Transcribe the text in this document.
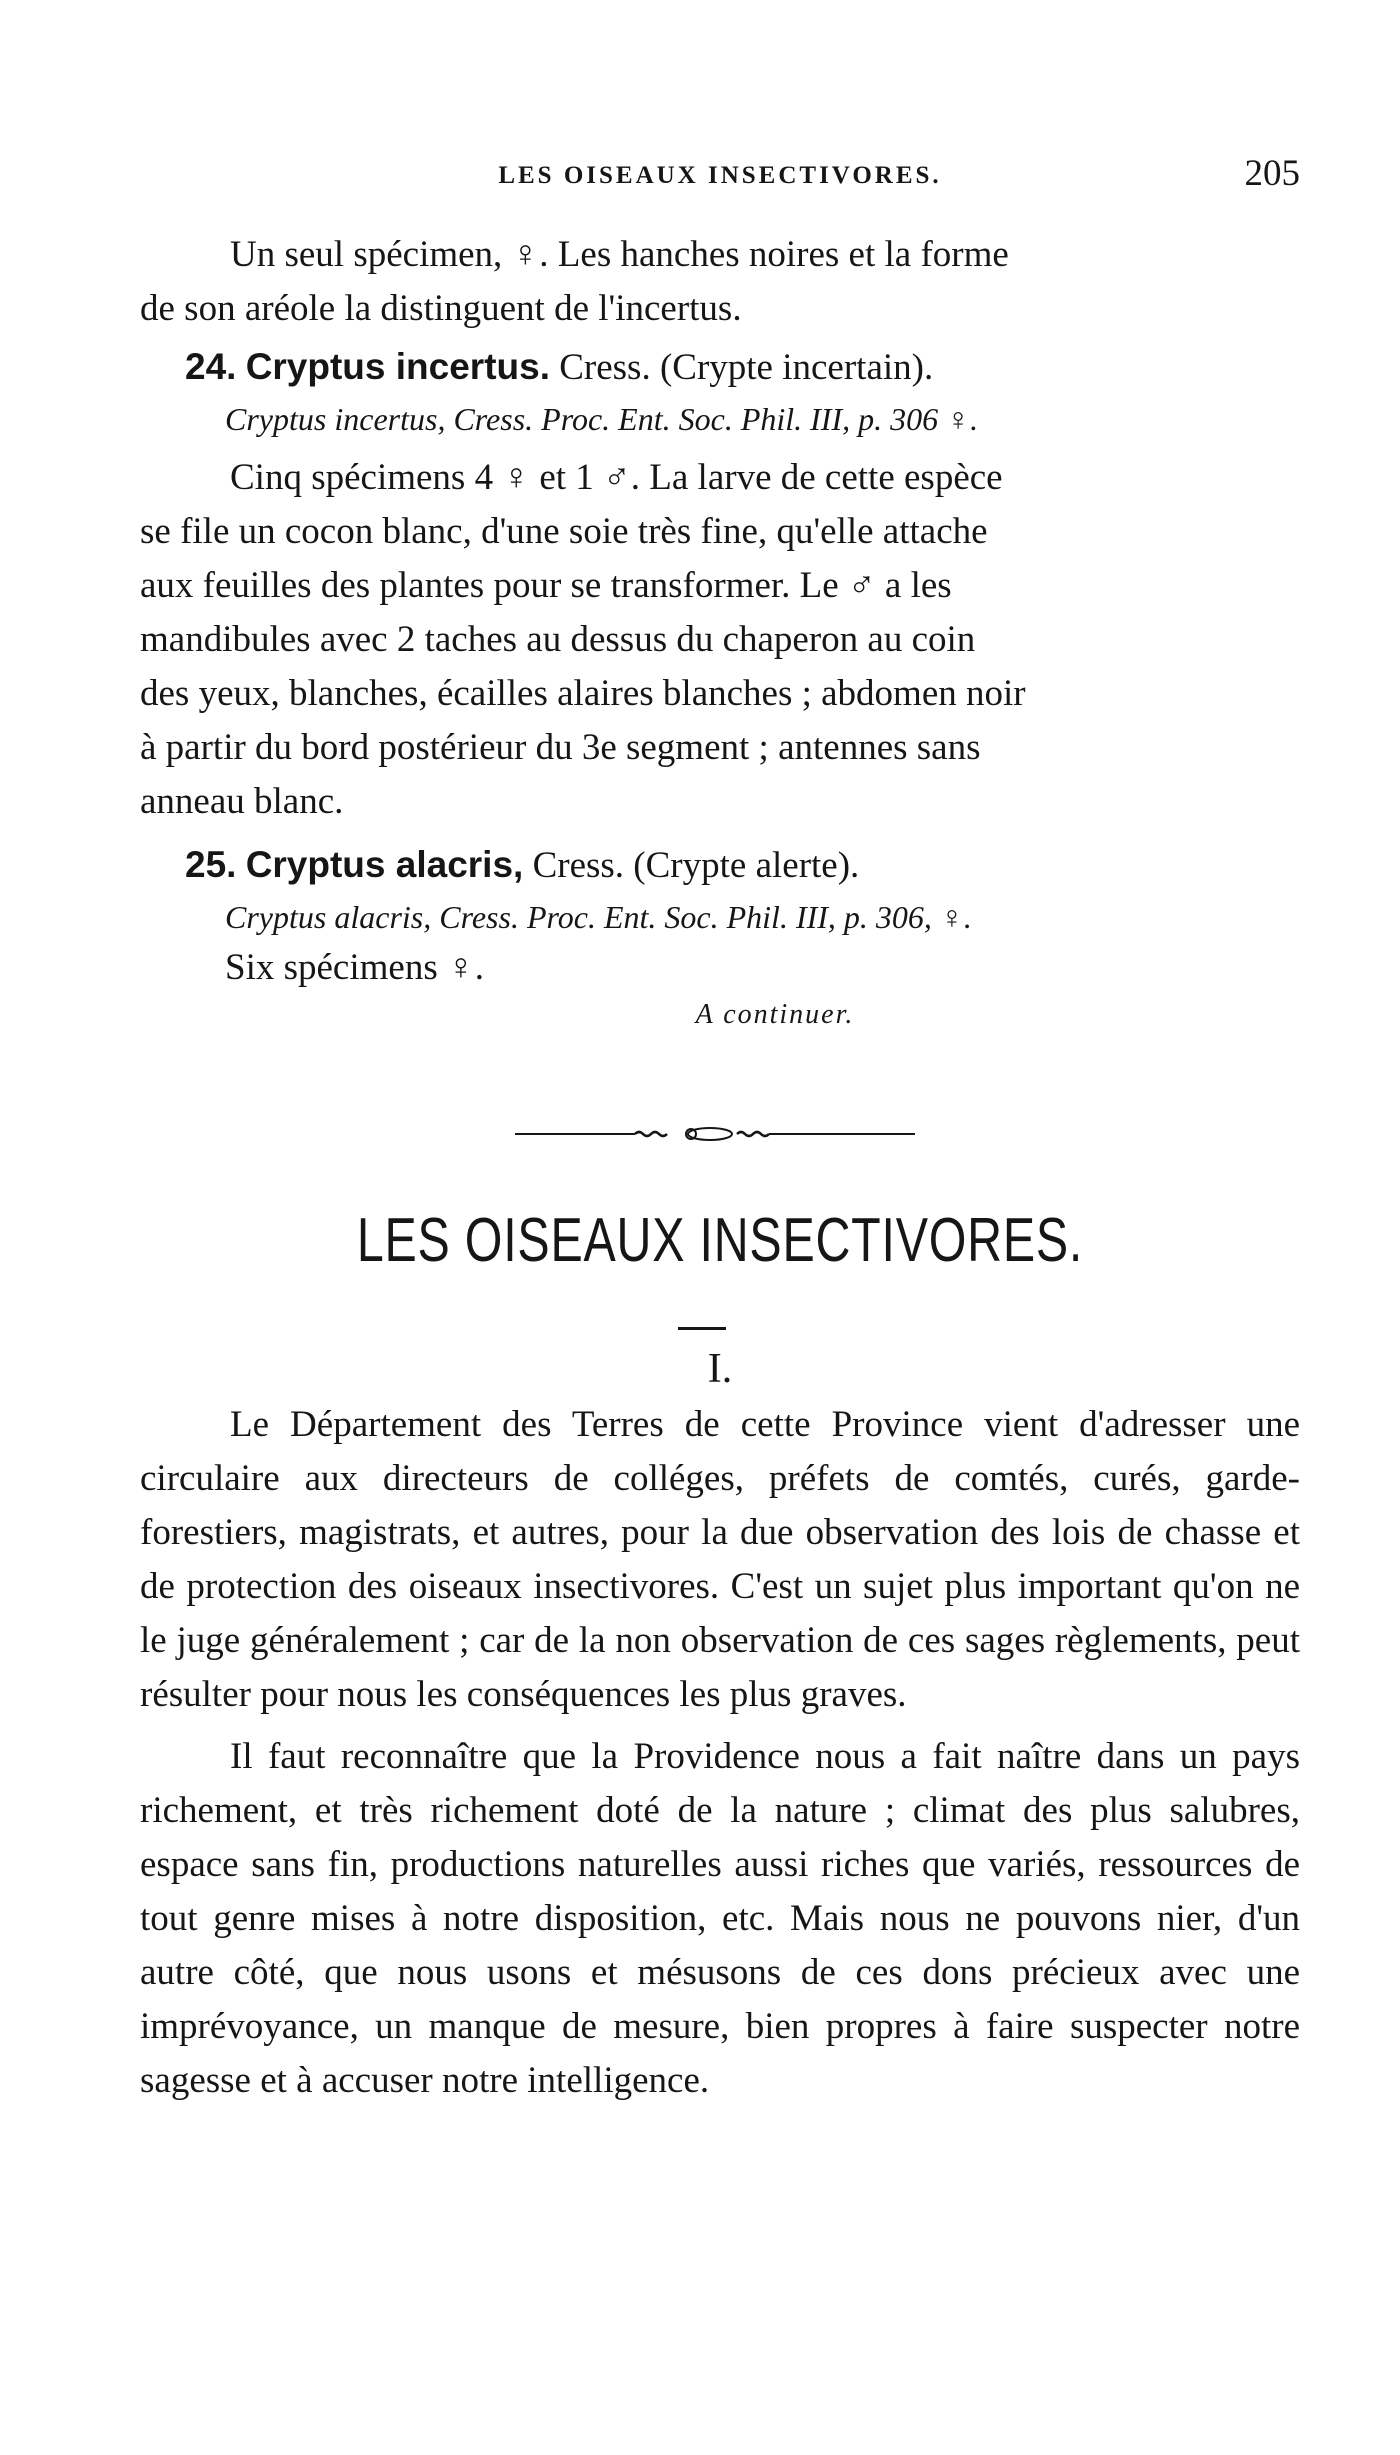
LES OISEAUX INSECTIVORES.	205

Un seul spécimen, ♀. Les hanches noires et la forme

de son aréole la distinguent de l'incertus.

24. Cryptus incertus. Cress. (Crypte incertain).

Cryptus incertus, Cress. Proc. Ent. Soc. Phil. III, p. 306 ♀.

Cinq spécimens 4 ♀ et 1 ♂. La larve de cette espèce

se file un cocon blanc, d'une soie très fine, qu'elle attache

aux feuilles des plantes pour se transformer. Le ♂ a les

mandibules avec 2 taches au dessus du chaperon au coin

des yeux, blanches, écailles alaires blanches ; abdomen noir

à partir du bord postérieur du 3e segment ; antennes sans

anneau blanc.

25. Cryptus alacris, Cress. (Crypte alerte).

Cryptus alacris, Cress. Proc. Ent. Soc. Phil. III, p. 306, ♀.

Six spécimens ♀.

A continuer.

LES OISEAUX INSECTIVORES.
I.

Le Département des Terres de cette Province vient d'adresser une circulaire aux directeurs de colléges, préfets de comtés, curés, garde-forestiers, magistrats, et autres, pour la due observation des lois de chasse et de protection des oiseaux insectivores. C'est un sujet plus important qu'on ne le juge généralement ; car de la non observation de ces sages règlements, peut résulter pour nous les conséquences les plus graves.

Il faut reconnaître que la Providence nous a fait naître dans un pays richement, et très richement doté de la nature ; climat des plus salubres, espace sans fin, productions naturelles aussi riches que variés, ressources de tout genre mises à notre disposition, etc. Mais nous ne pouvons nier, d'un autre côté, que nous usons et mésusons de ces dons précieux avec une imprévoyance, un manque de mesure, bien propres à faire suspecter notre sagesse et à accuser notre intelligence.
